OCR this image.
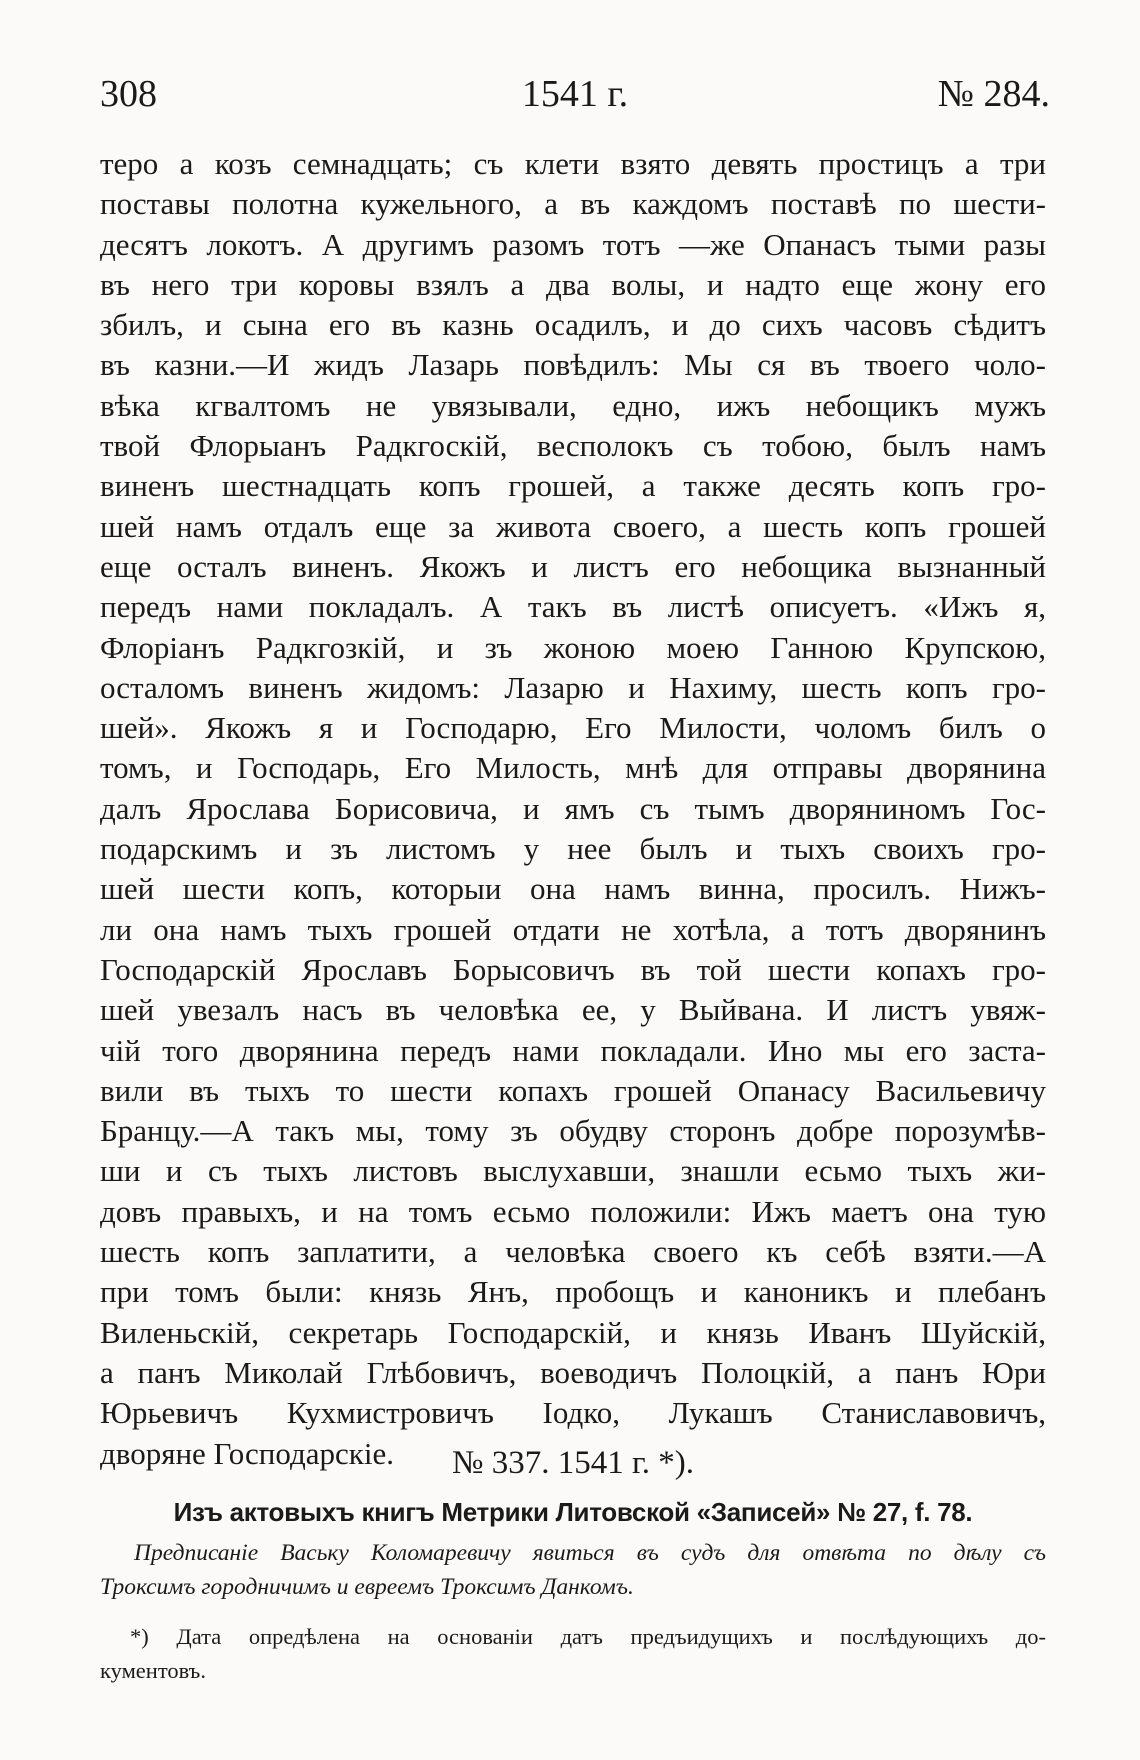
308	1541 г.	№ 284.
теро а козъ семнадцать; съ клети взято девять простицъ а три
поставы полотна кужельного, а въ каждомъ поставѣ по шести-
десятъ локотъ. А другимъ разомъ тотъ —же Опанасъ тыми разы
въ него три коровы взялъ а два волы, и надто еще жону его
збилъ, и сына его въ казнь осадилъ, и до сихъ часовъ сѣдитъ
въ казни.—И жидъ Лазарь повѣдилъ: Мы ся въ твоего чоло-
вѣка кгвалтомъ не увязывали, едно, ижъ небощикъ мужъ
твой Флорыанъ Радкгоскій, весполокъ съ тобою, былъ намъ
виненъ шестнадцать копъ грошей, а также десять копъ гро-
шей намъ отдалъ еще за живота своего, а шесть копъ грошей
еще осталъ виненъ. Якожъ и листъ его небощика вызнанный
передъ нами покладалъ. А такъ въ листѣ описуетъ. «Ижъ я,
Флоріанъ Радкгозкій, и зъ жоною моею Ганною Крупскою,
осталомъ виненъ жидомъ: Лазарю и Нахиму, шесть копъ гро-
шей». Якожъ я и Господарю, Его Милости, чоломъ билъ о
томъ, и Господарь, Его Милость, мнѣ для отправы дворянина
далъ Ярослава Борисовича, и ямъ съ тымъ дворяниномъ Гос-
подарскимъ и зъ листомъ у нее былъ и тыхъ своихъ гро-
шей шести копъ, которыи она намъ винна, просилъ. Нижъ-
ли она намъ тыхъ грошей отдати не хотѣла, а тотъ дворянинъ
Господарскій Ярославъ Борысовичъ въ той шести копахъ гро-
шей увезалъ насъ въ человѣка ее, у Выйвана. И листъ увяж-
чій того дворянина передъ нами покладали. Ино мы его заста-
вили въ тыхъ то шести копахъ грошей Опанасу Васильевичу
Бранцу.—А такъ мы, тому зъ обудву сторонъ добре порозумѣв-
ши и съ тыхъ листовъ выслухавши, знашли есьмо тыхъ жи-
довъ правыхъ, и на томъ есьмо положили: Ижъ маетъ она тую
шесть копъ заплатити, а человѣка своего къ себѣ взяти.—А
при томъ были: князь Янъ, пробощъ и каноникъ и плебанъ
Виленьскій, секретарь Господарскій, и князь Иванъ Шуйскій,
а панъ Миколай Глѣбовичъ, воеводичъ Полоцкій, а панъ Юри
Юрьевичъ Кухмистровичъ Іодко, Лукашъ Станиславовичъ,
дворяне Господарскіе.	№ 337. 1541 г. *).
Изъ актовыхъ книгъ Метрики Литовской «Записей» № 27, f. 78.
Предписаніе Ваську Коломаревичу явиться въ судъ для отвѣта по дѣлу съ
Троксимъ городничимъ и евреемъ Троксимъ Данкомъ.
*) Дата опредѣлена на основаніи датъ предъидущихъ и послѣдующихъ до-
кументовъ.
